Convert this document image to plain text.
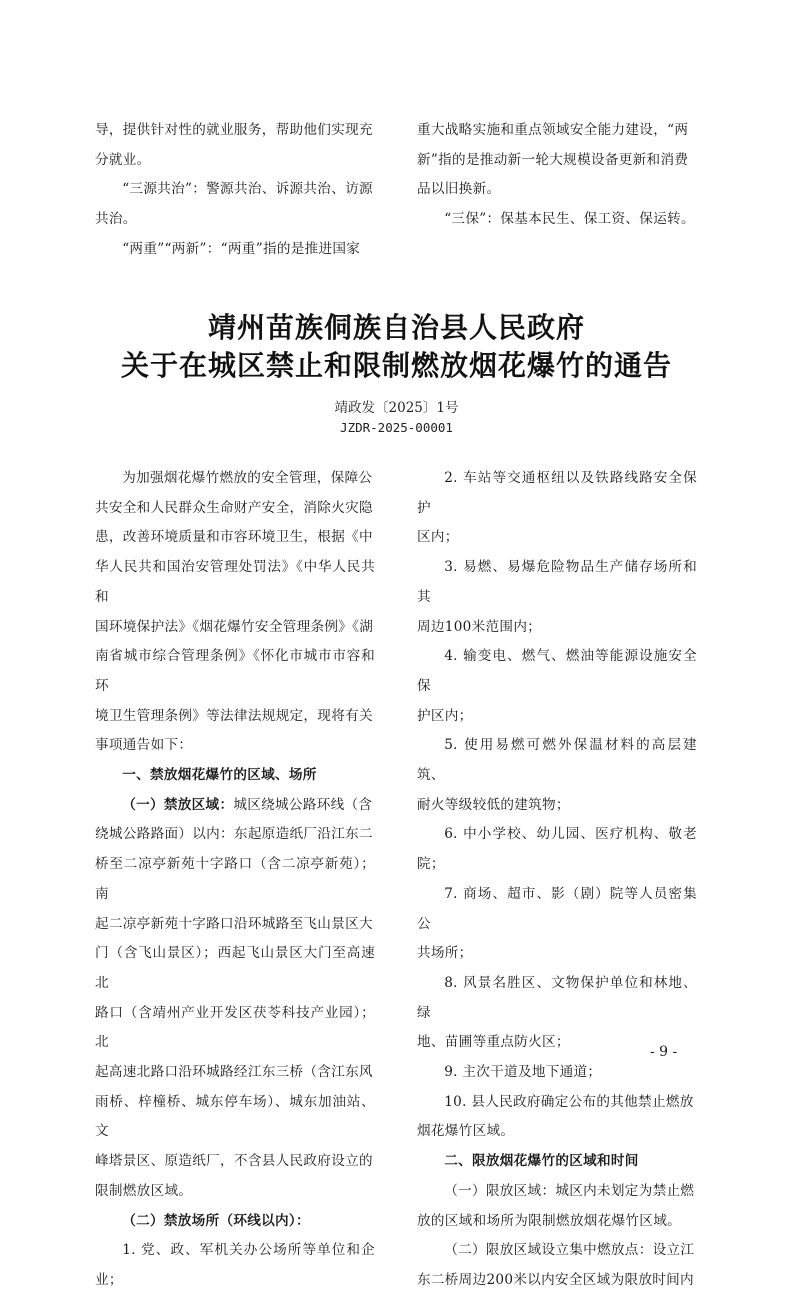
导，提供针对性的就业服务，帮助他们实现充

分就业。

“三源共治”：警源共治、诉源共治、访源

共治。

“两重”“两新”：“两重”指的是推进国家

重大战略实施和重点领域安全能力建设，“两

新”指的是推动新一轮大规模设备更新和消费

品以旧换新。

“三保”：保基本民生、保工资、保运转。

靖州苗族侗族自治县人民政府
关于在城区禁止和限制燃放烟花爆竹的通告
靖政发〔2025〕1号
JZDR-2025-00001

为加强烟花爆竹燃放的安全管理，保障公

共安全和人民群众生命财产安全，消除火灾隐

患，改善环境质量和市容环境卫生，根据《中

华人民共和国治安管理处罚法》《中华人民共和

国环境保护法》《烟花爆竹安全管理条例》《湖

南省城市综合管理条例》《怀化市城市市容和环

境卫生管理条例》等法律法规规定，现将有关

事项通告如下：

一、禁放烟花爆竹的区域、场所

（一）禁放区域：城区绕城公路环线（含

绕城公路路面）以内：东起原造纸厂沿江东二

桥至二凉亭新苑十字路口（含二凉亭新苑）；南

起二凉亭新苑十字路口沿环城路至飞山景区大

门（含飞山景区）；西起飞山景区大门至高速北

路口（含靖州产业开发区茯苓科技产业园）；北

起高速北路口沿环城路经江东三桥（含江东风

雨桥、梓橦桥、城东停车场）、城东加油站、文

峰塔景区、原造纸厂，不含县人民政府设立的

限制燃放区域。

（二）禁放场所（环线以内）：

1. 党、政、军机关办公场所等单位和企业；

2. 车站等交通枢纽以及铁路线路安全保护

区内；

3. 易燃、易爆危险物品生产储存场所和其

周边100米范围内；

4. 输变电、燃气、燃油等能源设施安全保

护区内；

5. 使用易燃可燃外保温材料的高层建筑、

耐火等级较低的建筑物；

6. 中小学校、幼儿园、医疗机构、敬老院；

7. 商场、超市、影（剧）院等人员密集公

共场所；

8. 风景名胜区、文物保护单位和林地、绿

地、苗圃等重点防火区；

9. 主次干道及地下通道；

10. 县人民政府确定公布的其他禁止燃放

烟花爆竹区域。

二、限放烟花爆竹的区域和时间

（一）限放区域：城区内未划定为禁止燃

放的区域和场所为限制燃放烟花爆竹区域。

（二）限放区域设立集中燃放点：设立江

东二桥周边200米以内安全区域为限放时间内

- 9 -
